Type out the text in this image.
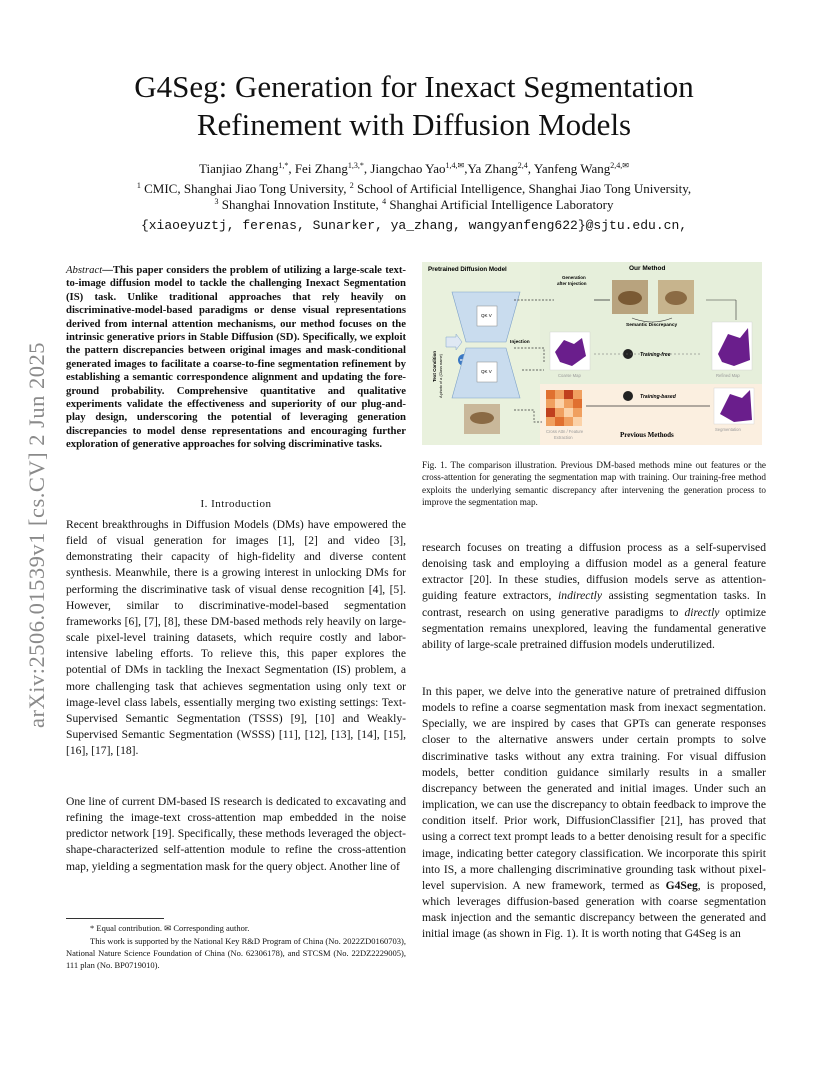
arXiv:2506.01539v1 [cs.CV] 2 Jun 2025
G4Seg: Generation for Inexact Segmentation
Refinement with Diffusion Models
Tianjiao Zhang$^{1,*}$, Fei Zhang$^{1,3,*}$, Jiangchao Yao$^{1,4,✉}$,Ya Zhang$^{2,4}$, Yanfeng Wang$^{2,4,✉}$
$^1$ CMIC, Shanghai Jiao Tong University, $^2$ School of Artificial Intelligence, Shanghai Jiao Tong University,
$^3$ Shanghai Innovation Institute, $^4$ Shanghai Artificial Intelligence Laboratory
{xiaoeyuztj, ferenas, Sunarker, ya_zhang, wangyanfeng622}@sjtu.edu.cn,
Abstract—This paper considers the problem of utilizing a large-scale text-to-image diffusion model to tackle the challenging Inexact Segmentation (IS) task. Unlike traditional approaches that rely heavily on discriminative-model-based paradigms or dense visual representations derived from internal attention mechanisms, our method focuses on the intrinsic generative priors in Stable Diffusion (SD). Specifically, we exploit the pattern discrepancies between original images and mask-conditional generated images to facilitate a coarse-to-fine segmentation refinement by establishing a semantic correspondence alignment and updating the fore-ground probability. Comprehensive quantitative and qualitative experiments validate the effectiveness and superiority of our plug-and-play design, underscoring the potential of leveraging generation discrepancies to model dense representations and encouraging further exploration of generative approaches for solving discriminative tasks.
I. Introduction
Recent breakthroughs in Diffusion Models (DMs) have empowered the field of visual generation for images [1], [2] and video [3], demonstrating their capacity of high-fidelity and diverse content synthesis. Meanwhile, there is a growing interest in unlocking DMs for performing the discriminative task of visual dense recognition [4], [5]. However, similar to discriminative-model-based segmentation frameworks [6], [7], [8], these DM-based methods rely heavily on large-scale pixel-level training datasets, which require costly and labor-intensive labeling efforts. To relieve this, this paper explores the potential of DMs in tackling the Inexact Segmentation (IS) problem, a more challenging task that achieves segmentation using only text or image-level class labels, essentially merging two existing settings: Text-Supervised Semantic Segmentation (TSSS) [9], [10] and Weakly-Supervised Semantic Segmentation (WSSS) [11], [12], [13], [14], [15], [16], [17], [18].
One line of current DM-based IS research is dedicated to excavating and refining the image-text cross-attention map embedded in the noise predictor network [19]. Specifically, these methods leveraged the object-shape-characterized self-attention module to refine the cross-attention map, yielding a segmentation mask for the query object. Another line of
* Equal contribution. ✉ Corresponding author.
This work is supported by the National Key R&D Program of China (No. 2022ZD0160703), National Nature Science Foundation of China (No. 62306178), and STCSM (No. 22DZ2229005), 111 plan (No. BP0719010).
Pretrained Diffusion Model	Our Method
Previous Methods
Text Condition A photo of a {Class name}
QK V
QK V
Injection
Generation
after Injection
Semantic Discrepancy
Coarse Map
Training-free
Refined Map
Cross Attn / Feature
Extraction
Training-based
Segmentation
Fig. 1. The comparison illustration. Previous DM-based methods mine out features or the cross-attention for generating the segmentation map with training. Our training-free method exploits the underlying semantic discrepancy after intervening the generation process to improve the segmentation map.
research focuses on treating a diffusion process as a self-supervised denoising task and employing a diffusion model as a general feature extractor [20]. In these studies, diffusion models serve as attention-guiding feature extractors, indirectly assisting segmentation tasks. In contrast, research on using generative paradigms to directly optimize segmentation remains unexplored, leaving the fundamental generative ability of large-scale pretrained diffusion models underutilized.
In this paper, we delve into the generative nature of pretrained diffusion models to refine a coarse segmentation mask from inexact segmentation. Specially, we are inspired by cases that GPTs can generate responses closer to the alternative answers under certain prompts to solve discriminative tasks without any extra training. For visual diffusion models, better condition guidance similarly results in a smaller discrepancy between the generated and initial images. Under such an implication, we can use the discrepancy to obtain feedback to improve the condition itself. Prior work, DiffusionClassifier [21], has proved that using a correct text prompt leads to a better denoising result for a specific image, indicating better category classification. We incorporate this spirit into IS, a more challenging discriminative grounding task without pixel-level supervision. A new framework, termed as G4Seg, is proposed, which leverages diffusion-based generation with coarse segmentation mask injection and the semantic discrepancy between the generated and initial image (as shown in Fig. 1). It is worth noting that G4Seg is an
